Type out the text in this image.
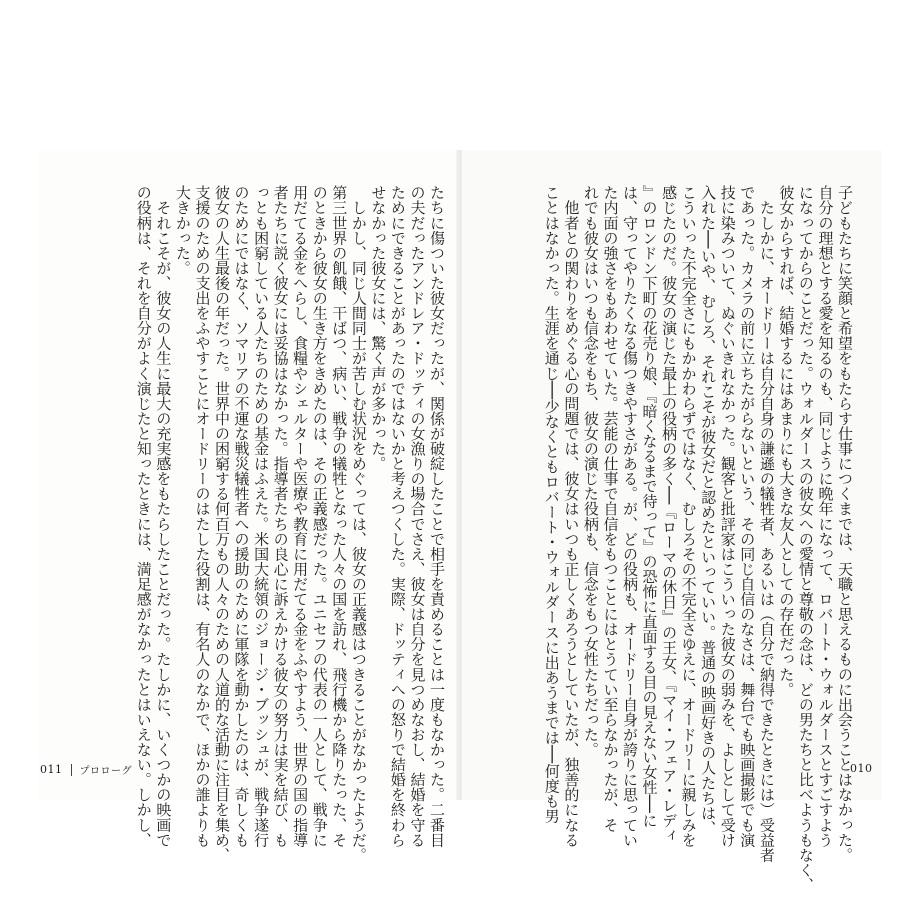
たちに傷ついた彼女だったが、関係が破綻したことで相手を責めることは一度もなかった。二番目
の夫だったアンドレア・ドッティの女漁りの場合でさえ、彼女は自分を見つめなおし、結婚を守る
ためにできることがあったのではないかと考えつくした。実際、ドッティへの怒りで結婚を終わら
せなかった彼女には、驚く声が多かった。
　しかし、同じ人間同士が苦しむ状況をめぐっては、彼女の正義感はつきることがなかったようだ。
第三世界の飢餓、干ばつ、病い、戦争の犠牲となった人々の国を訪れ、飛行機から降りたった、そ
のときから彼女の生き方をきめたのは、その正義感だった。ユニセフの代表の一人として、戦争に
用だてる金をへらし、食糧やシェルターや医療や教育に用だてる金をふやすよう、世界の国の指導
者たちに説く彼女には妥協はなかった。指導者たちの良心に訴えかける彼女の努力は実を結び、も
っとも困窮している人たちのための基金はふえた。米国大統領のジョージ・ブッシュが、戦争遂行
のためにではなく、ソマリアの不運な戦災犠牲者への援助のために軍隊を動かしたのは、奇しくも
彼女の人生最後の年だった。世界中の困窮する何百万もの人々のための人道的な活動に注目を集め、
支援のための支出をふやすことにオードリーのはたした役割は、有名人のなかで、ほかの誰よりも
大きかった。
　それこそが、彼女の人生に最大の充実感をもたらしたことだった。たしかに、いくつかの映画で
の役柄は、それを自分がよく演じたと知ったときには、満足感がなかったとはいえない。しかし、
011 プロローグ	子どもたちに笑顔と希望をもたらす仕事につくまでは、天職と思えるものに出会うことはなかった。
自分の理想とする愛を知るのも、同じように晩年になって、ロバート・ウォルダースとすごすよう
になってからのことだった。ウォルダースの彼女への愛情と尊敬の念は、どの男たちと比べようもなく、
彼女からすれば、結婚するにはあまりにも大きな友人としての存在だった。
　たしかに、オードリーは自分自身の謙遜の犠牲者、あるいは（自分で納得できたときには）受益者
であった。カメラの前に立ちたがらないという、その同じ自信のなさは、舞台でも映画撮影でも演
技に染みついて、ぬぐいきれなかった。観客と批評家はこういった彼女の弱みを、よしとして受け
入れた──いや、むしろ、それこそが彼女だと認めたといっていい。普通の映画好きの人たちは、
こういった不完全さにもかかわらずではなく、むしろその不完全さゆえに、オードリーに親しみを
感じたのだ。彼女の演じた最上の役柄の多く──『ローマの休日』の王女、『マイ・フェア・レディ
』のロンドン下町の花売り娘、『暗くなるまで待って』の恐怖に直面する目の見えない女性──に
は、守ってやりたくなる傷つきやすさがある。が、どの役柄も、オードリー自身が誇りに思ってい
た内面の強さをもあわせていた。芸能の仕事で自信をもつことにはとうてい至らなかったが、そ
れでも彼女はいつも信念をもち、彼女の演じた役柄も、信念をもつ女性たちだった。
　他者との関わりをめぐる心の問題では、彼女はいつも正しくあろうとしていたが、独善的になる
ことはなかった。生涯を通じ──少なくともロバート・ウォルダースに出あうまでは──何度も男	010
